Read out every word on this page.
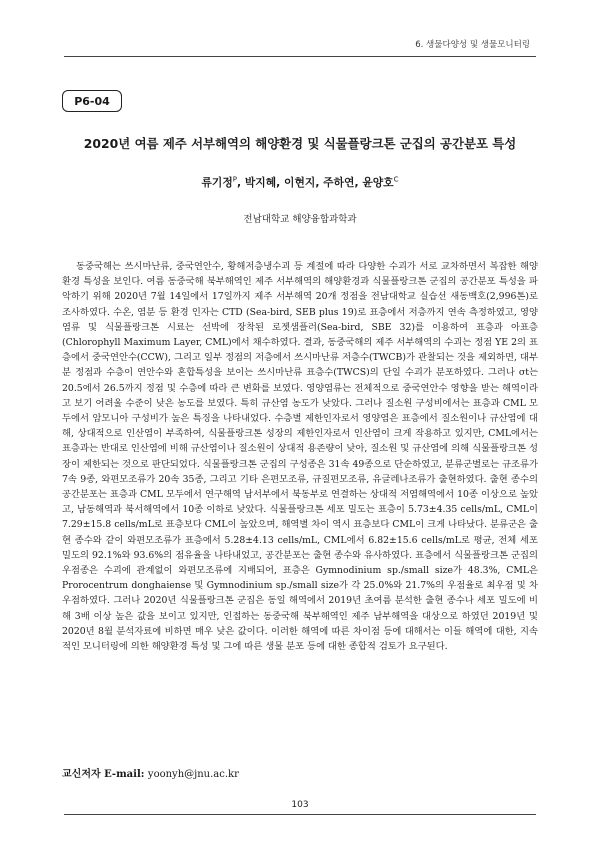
6. 생물다양성 및 생물모니터링
P6-04
2020년 여름 제주 서부해역의 해양환경 및 식물플랑크톤 군집의 공간분포 특성
류기정$^P$, 박지혜, 이현지, 주하연, 윤양호$^C$
전남대학교 해양융합과학과

동중국해는 쓰시마난류, 중국연안수, 황해저층냉수괴 등 계절에 따라 다양한 수괴가 서로 교차하면서 복잡한 해양환경 특성을 보인다. 여름 동중국해 북부해역인 제주 서부해역의 해양환경과 식물플랑크톤 군집의 공간분포 특성을 파악하기 위해 2020년 7월 14일에서 17일까지 제주 서부해역 20개 정점을 전남대학교 실습선 새동백호(2,996톤)로 조사하였다. 수온, 염분 등 환경 인자는 CTD (Sea-bird, SEB plus 19)로 표층에서 저층까지 연속 측정하였고, 영양염류 및 식물플랑크톤 시료는 선박에 장착된 로젯샘플러(Sea-bird, SBE 32)를 이용하여 표층과 아표층(Chlorophyll Maximum Layer, CML)에서 채수하였다. 결과, 동중국해의 제주 서부해역의 수괴는 정점 YE 2의 표층에서 중국연안수(CCW), 그리고 일부 정점의 저층에서 쓰시마난류 저층수(TWCB)가 관찰되는 것을 제외하면, 대부분 정점과 수층이 연안수와 혼합특성을 보이는 쓰시마난류 표층수(TWCS)의 단일 수괴가 분포하였다. 그러나 σt는 20.5에서 26.5까지 정점 및 수층에 따라 큰 변화를 보였다. 영양염류는 전체적으로 중국연안수 영향을 받는 해역이라고 보기 어려울 수준이 낮은 농도를 보였다. 특히 규산염 농도가 낮았다. 그러나 질소원 구성비에서는 표층과 CML 모두에서 암모니아 구성비가 높은 특징을 나타내었다. 수층별 제한인자로서 영양염은 표층에서 질소원이나 규산염에 대해, 상대적으로 인산염이 부족하여, 식물플랑크톤 성장의 제한인자로서 인산염이 크게 작용하고 있지만, CML에서는 표층과는 반대로 인산염에 비해 규산염이나 질소원이 상대적 용존량이 낮아, 질소원 및 규산염에 의해 식물플랑크톤 성장이 제한되는 것으로 판단되었다. 식물플랑크톤 군집의 구성종은 31속 49종으로 단순하였고, 분류군별로는 규조류가 7속 9종, 와편모조류가 20속 35종, 그리고 기타 은편모조류, 규질편모조류, 유글레나조류가 출현하였다. 출현 종수의 공간분포는 표층과 CML 모두에서 연구해역 남서부에서 북동부로 연결하는 상대적 저염해역에서 10종 이상으로 높았고, 남동해역과 북서해역에서 10종 이하로 낮았다. 식물플랑크톤 세포 밀도는 표층이 5.73±4.35 cells/mL, CML이 7.29±15.8 cells/mL로 표층보다 CML이 높았으며, 해역별 차이 역시 표층보다 CML이 크게 나타났다. 분류군은 출현 종수와 같이 와편모조류가 표층에서 5.28±4.13 cells/mL, CML에서 6.82±15.6 cells/mL로 평균, 전체 세포 밀도의 92.1%와 93.6%의 점유율을 나타내었고, 공간분포는 출현 종수와 유사하였다. 표층에서 식물플랑크톤 군집의 우점종은 수괴에 관계없이 와편모조류에 지배되어, 표층은 Gymnodinium sp./small size가 48.3%, CML은 Prorocentrum donghaiense 및 Gymnodinium sp./small size가 각 25.0%와 21.7%의 우점율로 최우점 및 차우점하였다. 그러나 2020년 식물플랑크톤 군집은 동일 해역에서 2019년 초여름 분석한 출현 종수나 세포 밀도에 비해 3배 이상 높은 값을 보이고 있지만, 인접하는 동중국해 북부해역인 제주 남부해역을 대상으로 하였던 2019년 및 2020년 8월 분석자료에 비하면 매우 낮은 값이다. 이러한 해역에 따른 차이점 등에 대해서는 이들 해역에 대한, 지속적인 모니터링에 의한 해양환경 특성 및 그에 따른 생물 분포 등에 대한 종합적 검토가 요구된다.

교신저자 E-mail: yoonyh@jnu.ac.kr
103
